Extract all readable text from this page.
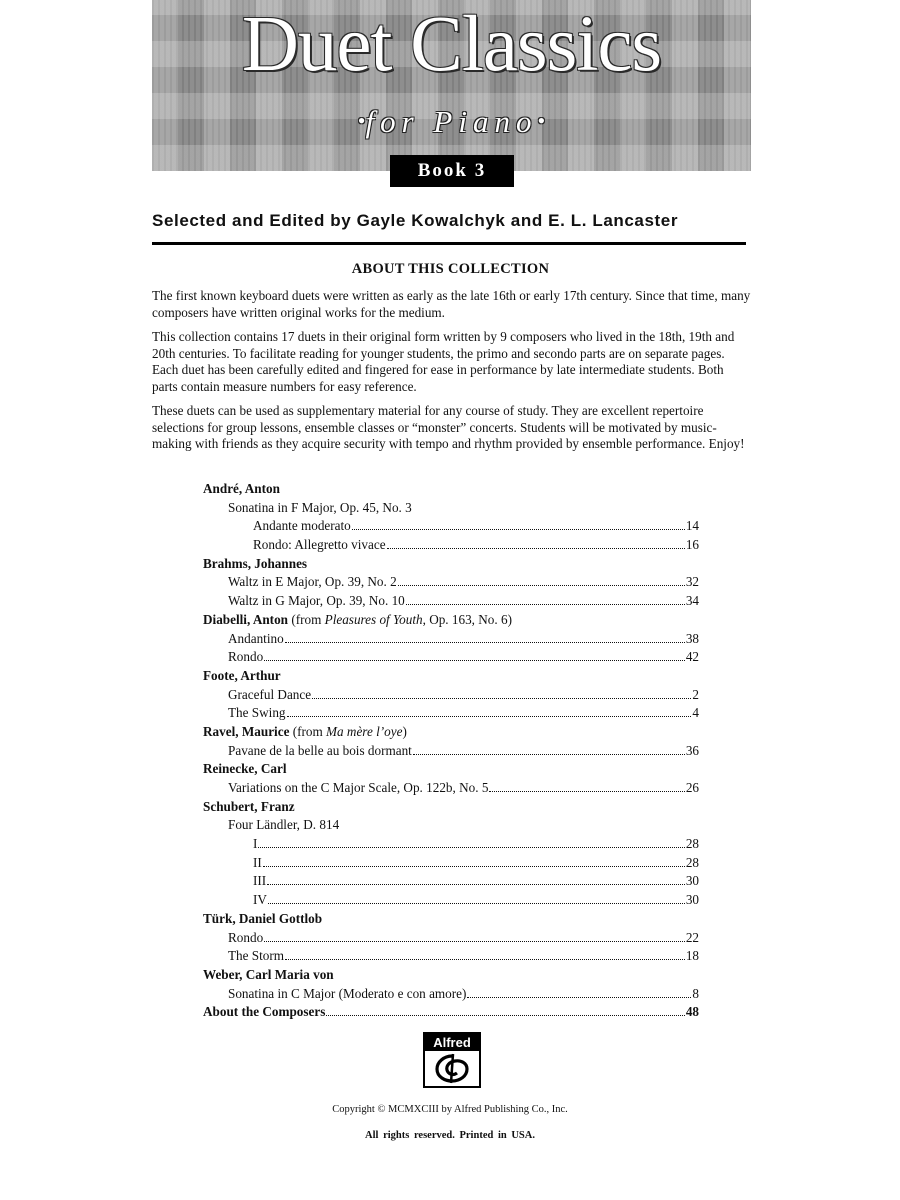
Duet Classics
•for Piano•
Book 3
Selected and Edited by Gayle Kowalchyk and E. L. Lancaster
ABOUT THIS COLLECTION

The first known keyboard duets were written as early as the late 16th or early 17th century. Since that time, many composers have written original works for the medium.

This collection contains 17 duets in their original form written by 9 composers who lived in the 18th, 19th and 20th centuries. To facilitate reading for younger students, the primo and secondo parts are on separate pages. Each duet has been carefully edited and fingered for ease in performance by late intermediate students. Both parts contain measure numbers for easy reference.

These duets can be used as supplementary material for any course of study. They are excellent repertoire selections for group lessons, ensemble classes or “monster” concerts. Students will be motivated by music-making with friends as they acquire security with tempo and rhythm provided by ensemble performance. Enjoy!

André, Anton
Sonatina in F Major, Op. 45, No. 3
Andante moderato	14
Rondo: Allegretto vivace	16
Brahms, Johannes
Waltz in E Major, Op. 39, No. 2	32
Waltz in G Major, Op. 39, No. 10	34
Diabelli, Anton (from Pleasures of Youth, Op. 163, No. 6)
Andantino	38
Rondo	42
Foote, Arthur
Graceful Dance	2
The Swing	4
Ravel, Maurice (from Ma mère l’oye)
Pavane de la belle au bois dormant	36
Reinecke, Carl
Variations on the C Major Scale, Op. 122b, No. 5	26
Schubert, Franz
Four Ländler, D. 814
I	28
II	28
III	30
IV	30
Türk, Daniel Gottlob
Rondo	22
The Storm	18
Weber, Carl Maria von
Sonatina in C Major (Moderato e con amore)	8
About the Composers	48
Alfred
Copyright © MCMXCIII by Alfred Publishing Co., Inc.
All rights reserved. Printed in USA.
